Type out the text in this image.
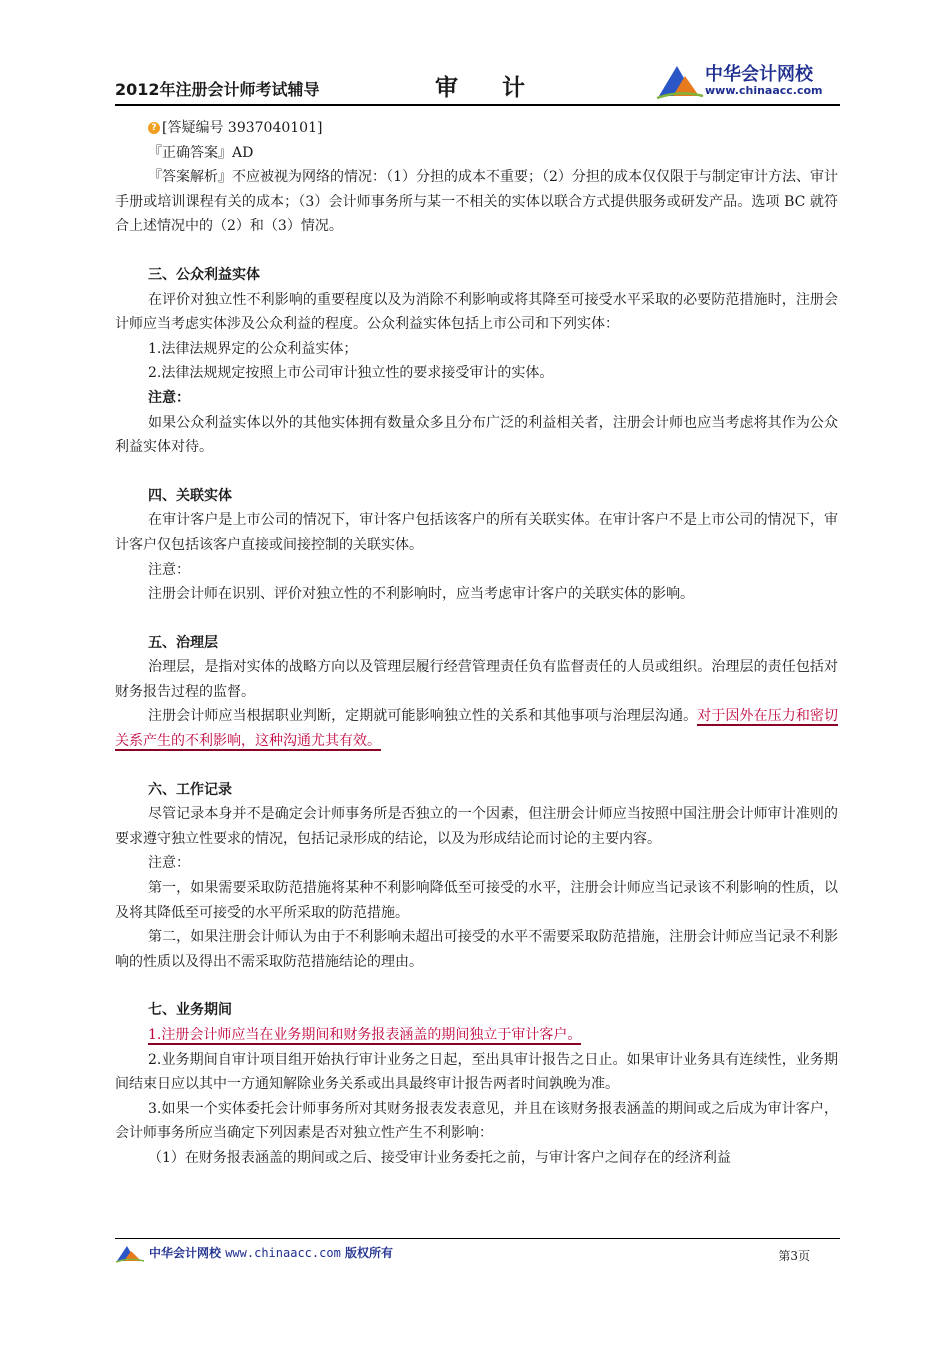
2012年注册会计师考试辅导	审计
中华会计网校
www.chinaacc.com

? [答疑编号 3937040101]

『正确答案』AD

『答案解析』不应被视为网络的情况：（1）分担的成本不重要；（2）分担的成本仅仅限于与制定审计方法、审计手册或培训课程有关的成本；（3）会计师事务所与某一不相关的实体以联合方式提供服务或研发产品。选项 BC 就符合上述情况中的（2）和（3）情况。

三、公众利益实体

在评价对独立性不利影响的重要程度以及为消除不利影响或将其降至可接受水平采取的必要防范措施时，注册会计师应当考虑实体涉及公众利益的程度。公众利益实体包括上市公司和下列实体：

1.法律法规界定的公众利益实体；

2.法律法规规定按照上市公司审计独立性的要求接受审计的实体。

注意：

如果公众利益实体以外的其他实体拥有数量众多且分布广泛的利益相关者，注册会计师也应当考虑将其作为公众利益实体对待。

四、关联实体

在审计客户是上市公司的情况下，审计客户包括该客户的所有关联实体。在审计客户不是上市公司的情况下，审计客户仅包括该客户直接或间接控制的关联实体。

注意：

注册会计师在识别、评价对独立性的不利影响时，应当考虑审计客户的关联实体的影响。

五、治理层

治理层，是指对实体的战略方向以及管理层履行经营管理责任负有监督责任的人员或组织。治理层的责任包括对财务报告过程的监督。

注册会计师应当根据职业判断，定期就可能影响独立性的关系和其他事项与治理层沟通。对于因外在压力和密切关系产生的不利影响，这种沟通尤其有效。

六、工作记录

尽管记录本身并不是确定会计师事务所是否独立的一个因素，但注册会计师应当按照中国注册会计师审计准则的要求遵守独立性要求的情况，包括记录形成的结论，以及为形成结论而讨论的主要内容。

注意：

第一，如果需要采取防范措施将某种不利影响降低至可接受的水平，注册会计师应当记录该不利影响的性质，以及将其降低至可接受的水平所采取的防范措施。

第二，如果注册会计师认为由于不利影响未超出可接受的水平不需要采取防范措施，注册会计师应当记录不利影响的性质以及得出不需采取防范措施结论的理由。

七、业务期间

1.注册会计师应当在业务期间和财务报表涵盖的期间独立于审计客户。

2.业务期间自审计项目组开始执行审计业务之日起，至出具审计报告之日止。如果审计业务具有连续性，业务期间结束日应以其中一方通知解除业务关系或出具最终审计报告两者时间孰晚为准。

3.如果一个实体委托会计师事务所对其财务报表发表意见，并且在该财务报表涵盖的期间或之后成为审计客户，会计师事务所应当确定下列因素是否对独立性产生不利影响：

（1）在财务报表涵盖的期间或之后、接受审计业务委托之前，与审计客户之间存在的经济利益

中华会计网校 www.chinaacc.com 版权所有	第3页
